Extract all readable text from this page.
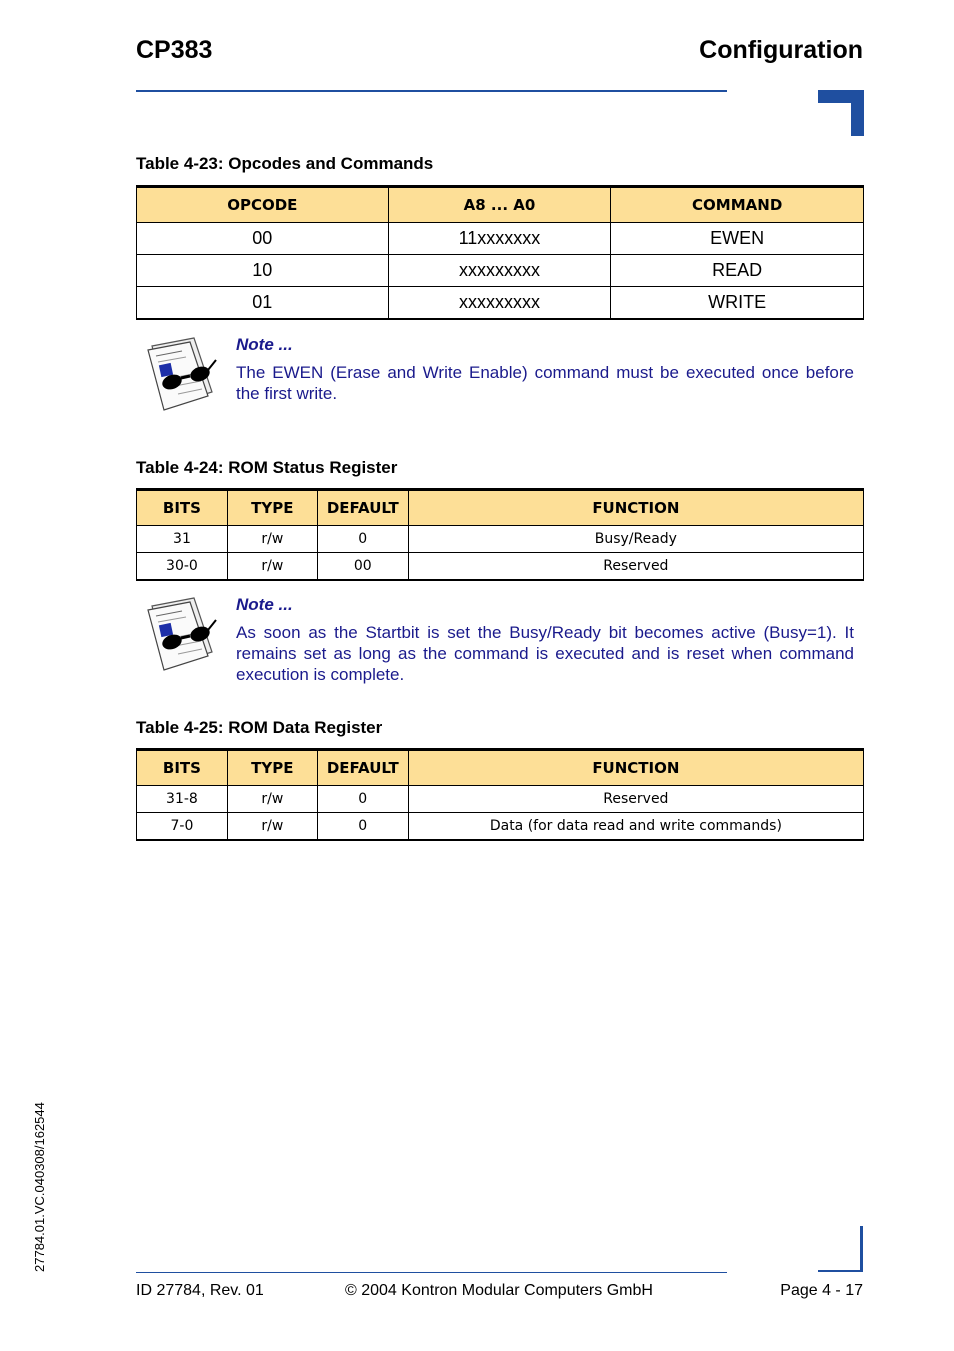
CP383	Configuration
Table 4-23: Opcodes and Commands
OPCODE	A8 ... A0	COMMAND
00	11xxxxxxx	EWEN
10	xxxxxxxxx	READ
01	xxxxxxxxx	WRITE
Note ...
The EWEN (Erase and Write Enable) command must be executed once before the first write.
Table 4-24: ROM Status Register
BITS	TYPE	DEFAULT	FUNCTION
31	r/w	0	Busy/Ready
30-0	r/w	00	Reserved
Note ...
As soon as the Startbit is set the Busy/Ready bit becomes active (Busy=1). It remains set as long as the command is executed and is reset when command execution is complete.
Table 4-25: ROM Data Register
BITS	TYPE	DEFAULT	FUNCTION
31-8	r/w	0	Reserved
7-0	r/w	0	Data (for data read and write commands)
27784.01.VC.040308/162544
ID 27784, Rev. 01	© 2004 Kontron Modular Computers GmbH	Page 4 - 17
